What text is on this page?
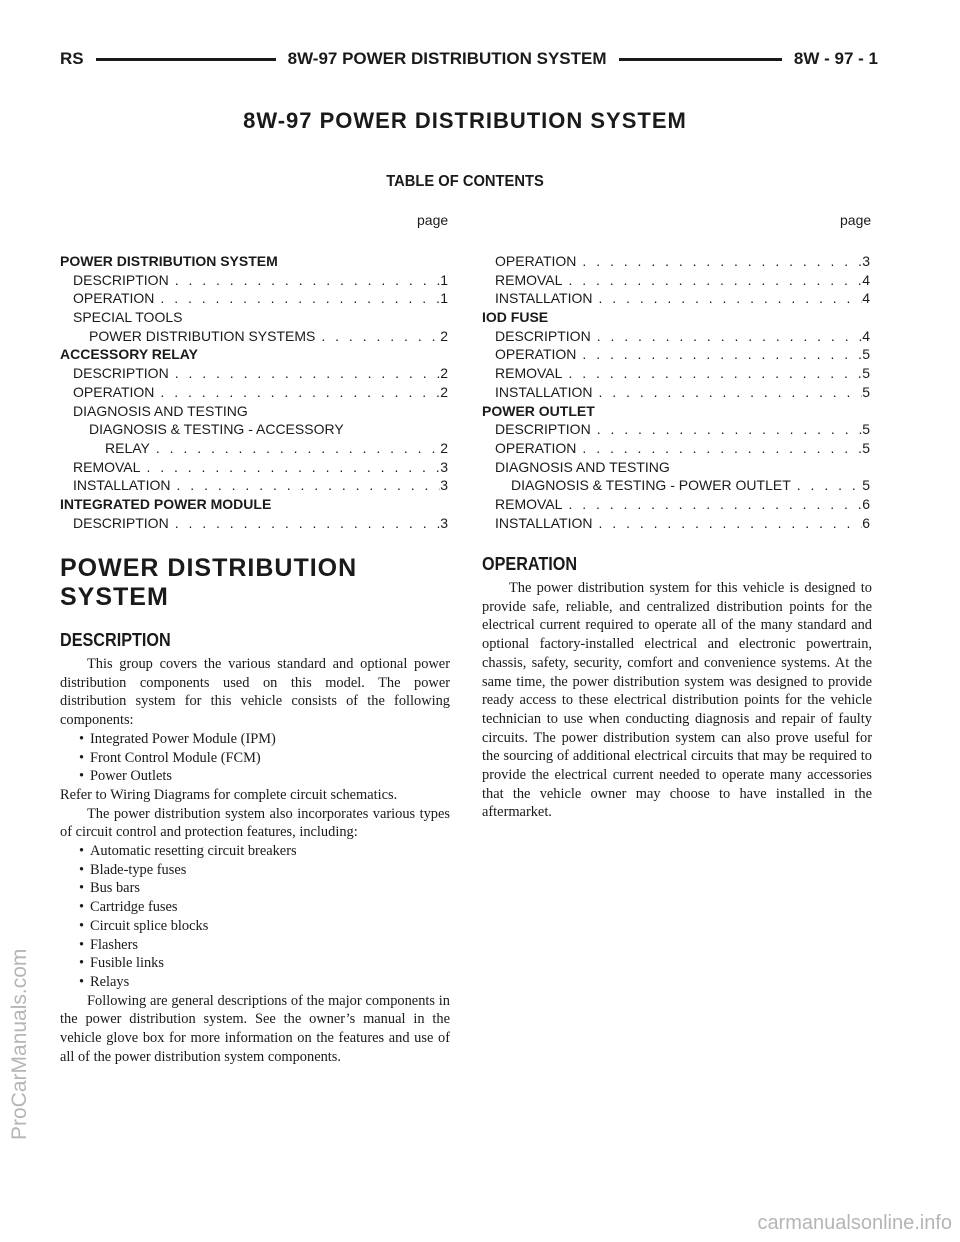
RS	8W-97 POWER DISTRIBUTION SYSTEM	8W - 97 - 1
8W-97 POWER DISTRIBUTION SYSTEM
TABLE OF CONTENTS
page	page
POWER DISTRIBUTION SYSTEM
DESCRIPTION . . .	1
OPERATION . . .	1
SPECIAL TOOLS
POWER DISTRIBUTION SYSTEMS . . .	2
ACCESSORY RELAY
DESCRIPTION . . .	2
OPERATION . . .	2
DIAGNOSIS AND TESTING
DIAGNOSIS & TESTING - ACCESSORY
RELAY . . .	2
REMOVAL . . .	3
INSTALLATION . . .	3
INTEGRATED POWER MODULE
DESCRIPTION . . .	3
OPERATION . . .	3
REMOVAL . . .	4
INSTALLATION . . .	4
IOD FUSE
DESCRIPTION . . .	4
OPERATION . . .	5
REMOVAL . . .	5
INSTALLATION . . .	5
POWER OUTLET
DESCRIPTION . . .	5
OPERATION . . .	5
DIAGNOSIS AND TESTING
DIAGNOSIS & TESTING - POWER OUTLET . . .	5
REMOVAL . . .	6
INSTALLATION . . .	6
POWER DISTRIBUTION
SYSTEM
DESCRIPTION

This group covers the various standard and optional power distribution components used on this model. The power distribution system for this vehicle consists of the following components:

• Integrated Power Module (IPM)
• Front Control Module (FCM)
• Power Outlets

Refer to Wiring Diagrams for complete circuit schematics.

The power distribution system also incorporates various types of circuit control and protection features, including:

• Automatic resetting circuit breakers
• Blade-type fuses
• Bus bars
• Cartridge fuses
• Circuit splice blocks
• Flashers
• Fusible links
• Relays

Following are general descriptions of the major components in the power distribution system. See the owner’s manual in the vehicle glove box for more information on the features and use of all of the power distribution system components.

OPERATION

The power distribution system for this vehicle is designed to provide safe, reliable, and centralized distribution points for the electrical current required to operate all of the many standard and optional factory-installed electrical and electronic powertrain, chassis, safety, security, comfort and convenience systems. At the same time, the power distribution system was designed to provide ready access to these electrical distribution points for the vehicle technician to use when conducting diagnosis and repair of faulty circuits. The power distribution system can also prove useful for the sourcing of additional electrical circuits that may be required to provide the electrical current needed to operate many accessories that the vehicle owner may choose to have installed in the aftermarket.

ProCarManuals.com
carmanualsonline.info
